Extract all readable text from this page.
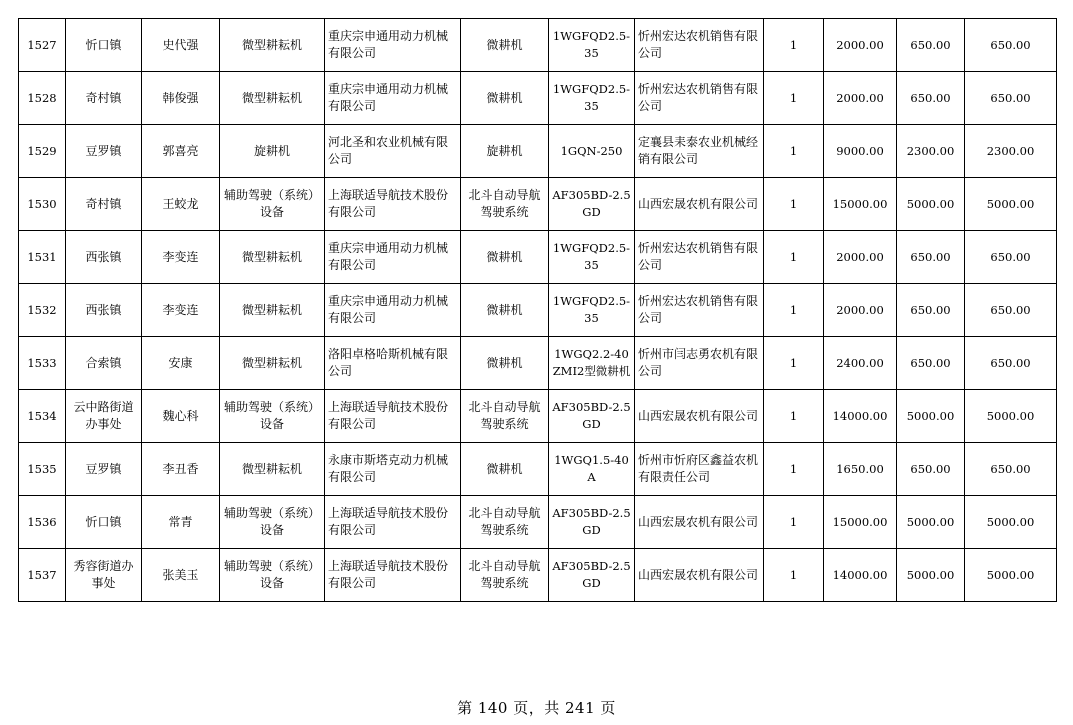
1527	忻口镇	史代强	微型耕耘机	重庆宗申通用动力机械有限公司	微耕机	1WGFQD2.5-35	忻州宏达农机销售有限公司	1	2000.00	650.00	650.00
1528	奇村镇	韩俊强	微型耕耘机	重庆宗申通用动力机械有限公司	微耕机	1WGFQD2.5-35	忻州宏达农机销售有限公司	1	2000.00	650.00	650.00
1529	豆罗镇	郭喜亮	旋耕机	河北圣和农业机械有限公司	旋耕机	1GQN-250	定襄县耒泰农业机械经销有限公司	1	9000.00	2300.00	2300.00
1530	奇村镇	王蛟龙	辅助驾驶（系统）设备	上海联适导航技术股份有限公司	北斗自动导航驾驶系统	AF305BD-2.5GD	山西宏晟农机有限公司	1	15000.00	5000.00	5000.00
1531	西张镇	李变连	微型耕耘机	重庆宗申通用动力机械有限公司	微耕机	1WGFQD2.5-35	忻州宏达农机销售有限公司	1	2000.00	650.00	650.00
1532	西张镇	李变连	微型耕耘机	重庆宗申通用动力机械有限公司	微耕机	1WGFQD2.5-35	忻州宏达农机销售有限公司	1	2000.00	650.00	650.00
1533	合索镇	安康	微型耕耘机	洛阳卓格哈斯机械有限公司	微耕机	1WGQ2.2-40ZMI2型微耕机	忻州市闫志勇农机有限公司	1	2400.00	650.00	650.00
1534	云中路街道办事处	魏心科	辅助驾驶（系统）设备	上海联适导航技术股份有限公司	北斗自动导航驾驶系统	AF305BD-2.5GD	山西宏晟农机有限公司	1	14000.00	5000.00	5000.00
1535	豆罗镇	李丑香	微型耕耘机	永康市斯塔克动力机械有限公司	微耕机	1WGQ1.5-40A	忻州市忻府区鑫益农机有限责任公司	1	1650.00	650.00	650.00
1536	忻口镇	常青	辅助驾驶（系统）设备	上海联适导航技术股份有限公司	北斗自动导航驾驶系统	AF305BD-2.5GD	山西宏晟农机有限公司	1	15000.00	5000.00	5000.00
1537	秀容街道办事处	张美玉	辅助驾驶（系统）设备	上海联适导航技术股份有限公司	北斗自动导航驾驶系统	AF305BD-2.5GD	山西宏晟农机有限公司	1	14000.00	5000.00	5000.00
第 140 页，共 241 页
